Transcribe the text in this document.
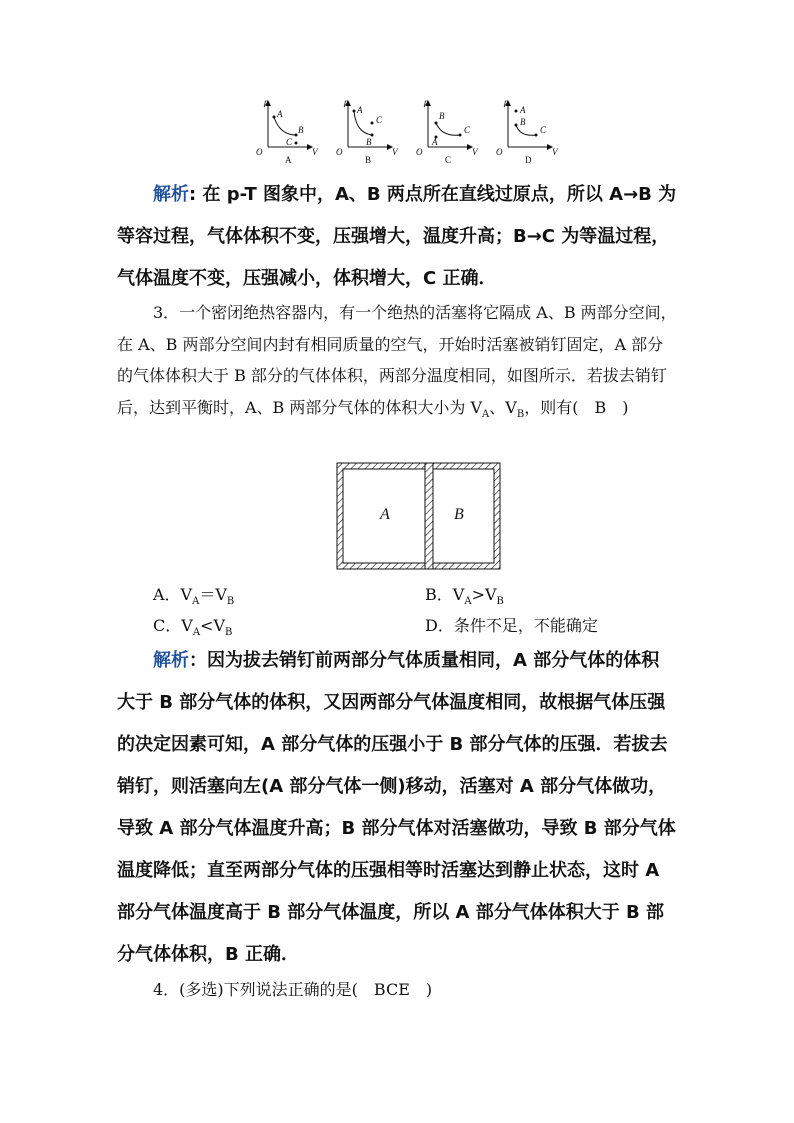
p
A
B
C
O	V
A
p
A
C
B
O	V
B
p
B
C
A
O	V
C
p
A
B
C
O	V
D
解析: 在 p-T 图象中，A、B 两点所在直线过原点，所以 A→B 为等容过程，气体体积不变，压强增大，温度升高；B→C 为等温过程，气体温度不变，压强减小，体积增大，C 正确．
3．一个密闭绝热容器内，有一个绝热的活塞将它隔成 A、B 两部分空间，在 A、B 两部分空间内封有相同质量的空气，开始时活塞被销钉固定，A 部分的气体体积大于 B 部分的气体体积，两部分温度相同，如图所示．若拔去销钉后，达到平衡时，A、B 两部分气体的体积大小为 $V_A$、$V_B$，则有(　B　)
A	B
A．$V_A=V_B$	B．$V_A>V_B$
C．$V_A<V_B$	D．条件不足，不能确定
解析：因为拔去销钉前两部分气体质量相同，A 部分气体的体积大于 B 部分气体的体积，又因两部分气体温度相同，故根据气体压强的决定因素可知，A 部分气体的压强小于 B 部分气体的压强．若拔去销钉，则活塞向左(A 部分气体一侧)移动，活塞对 A 部分气体做功，导致 A 部分气体温度升高；B 部分气体对活塞做功，导致 B 部分气体温度降低；直至两部分气体的压强相等时活塞达到静止状态，这时 A 部分气体温度高于 B 部分气体温度，所以 A 部分气体体积大于 B 部分气体体积，B 正确．
4．(多选)下列说法正确的是(　BCE　)
